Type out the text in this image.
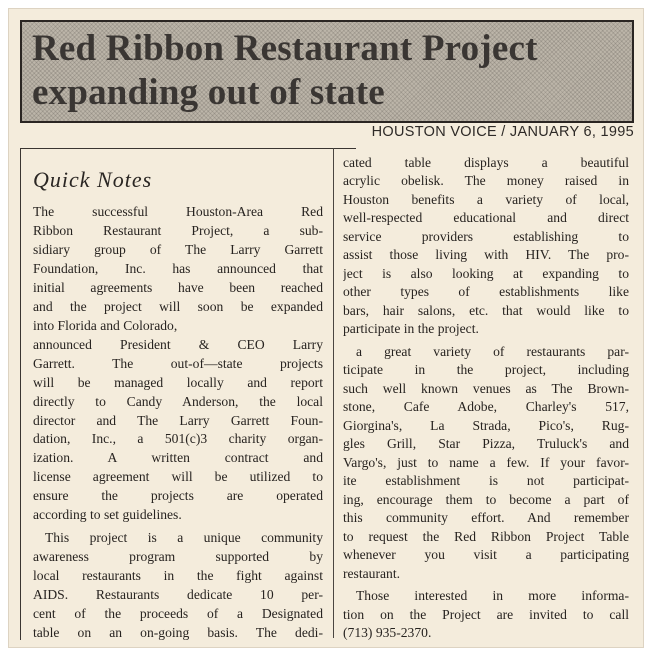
Red Ribbon Restaurant Project
expanding out of state
HOUSTON VOICE / JANUARY 6, 1995
Quick Notes
The successful Houston-Area Red
Ribbon Restaurant Project, a sub-
sidiary group of The Larry Garrett
Foundation, Inc. has announced that
initial agreements have been reached
and the project will soon be expanded
into Florida and Colorado,
announced President & CEO Larry
Garrett. The out-of—state projects
will be managed locally and report
directly to Candy Anderson, the local
director and The Larry Garrett Foun-
dation, Inc., a 501(c)3 charity organ-
ization. A written contract and
license agreement will be utilized to
ensure the projects are operated
according to set guidelines.
This project is a unique community
awareness program supported by
local restaurants in the fight against
AIDS. Restaurants dedicate 10 per-
cent of the proceeds of a Designated
table on an on-going basis. The dedi-
cated table displays a beautiful
acrylic obelisk. The money raised in
Houston benefits a variety of local,
well-respected educational and direct
service providers establishing to
assist those living with HIV. The pro-
ject is also looking at expanding to
other types of establishments like
bars, hair salons, etc. that would like to
participate in the project.
a great variety of restaurants par-
ticipate in the project, including
such well known venues as The Brown-
stone, Cafe Adobe, Charley's 517,
Giorgina's, La Strada, Pico's, Rug-
gles Grill, Star Pizza, Truluck's and
Vargo's, just to name a few. If your favor-
ite establishment is not participat-
ing, encourage them to become a part of
this community effort. And remember
to request the Red Ribbon Project Table
whenever you visit a participating
restaurant.
Those interested in more informa-
tion on the Project are invited to call
(713) 935-2370.
